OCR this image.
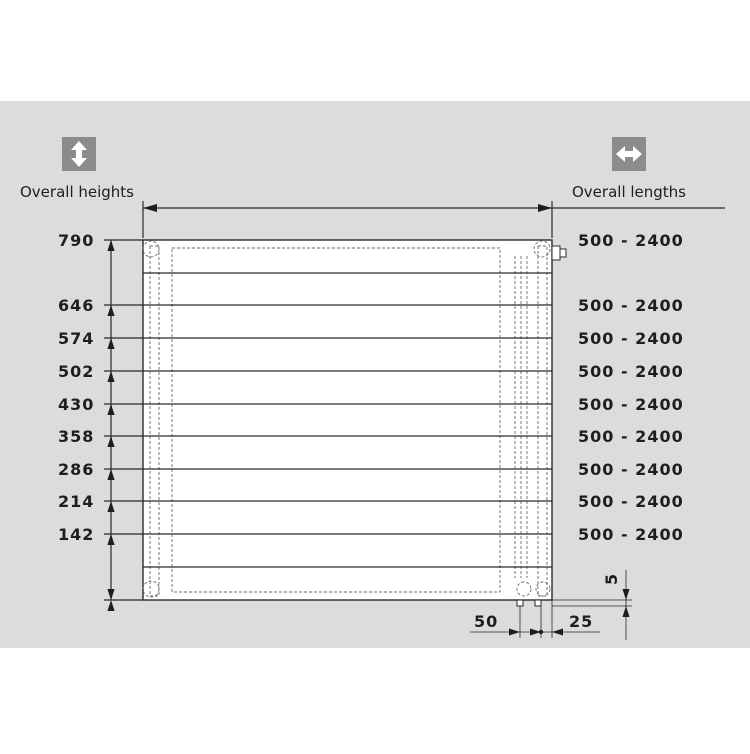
Overall heights	Overall lengths
790
646
574
502
430
358
286
214
142
500 - 2400
500 - 2400
500 - 2400
500 - 2400
500 - 2400
500 - 2400
500 - 2400
500 - 2400
500 - 2400
50	25
5
